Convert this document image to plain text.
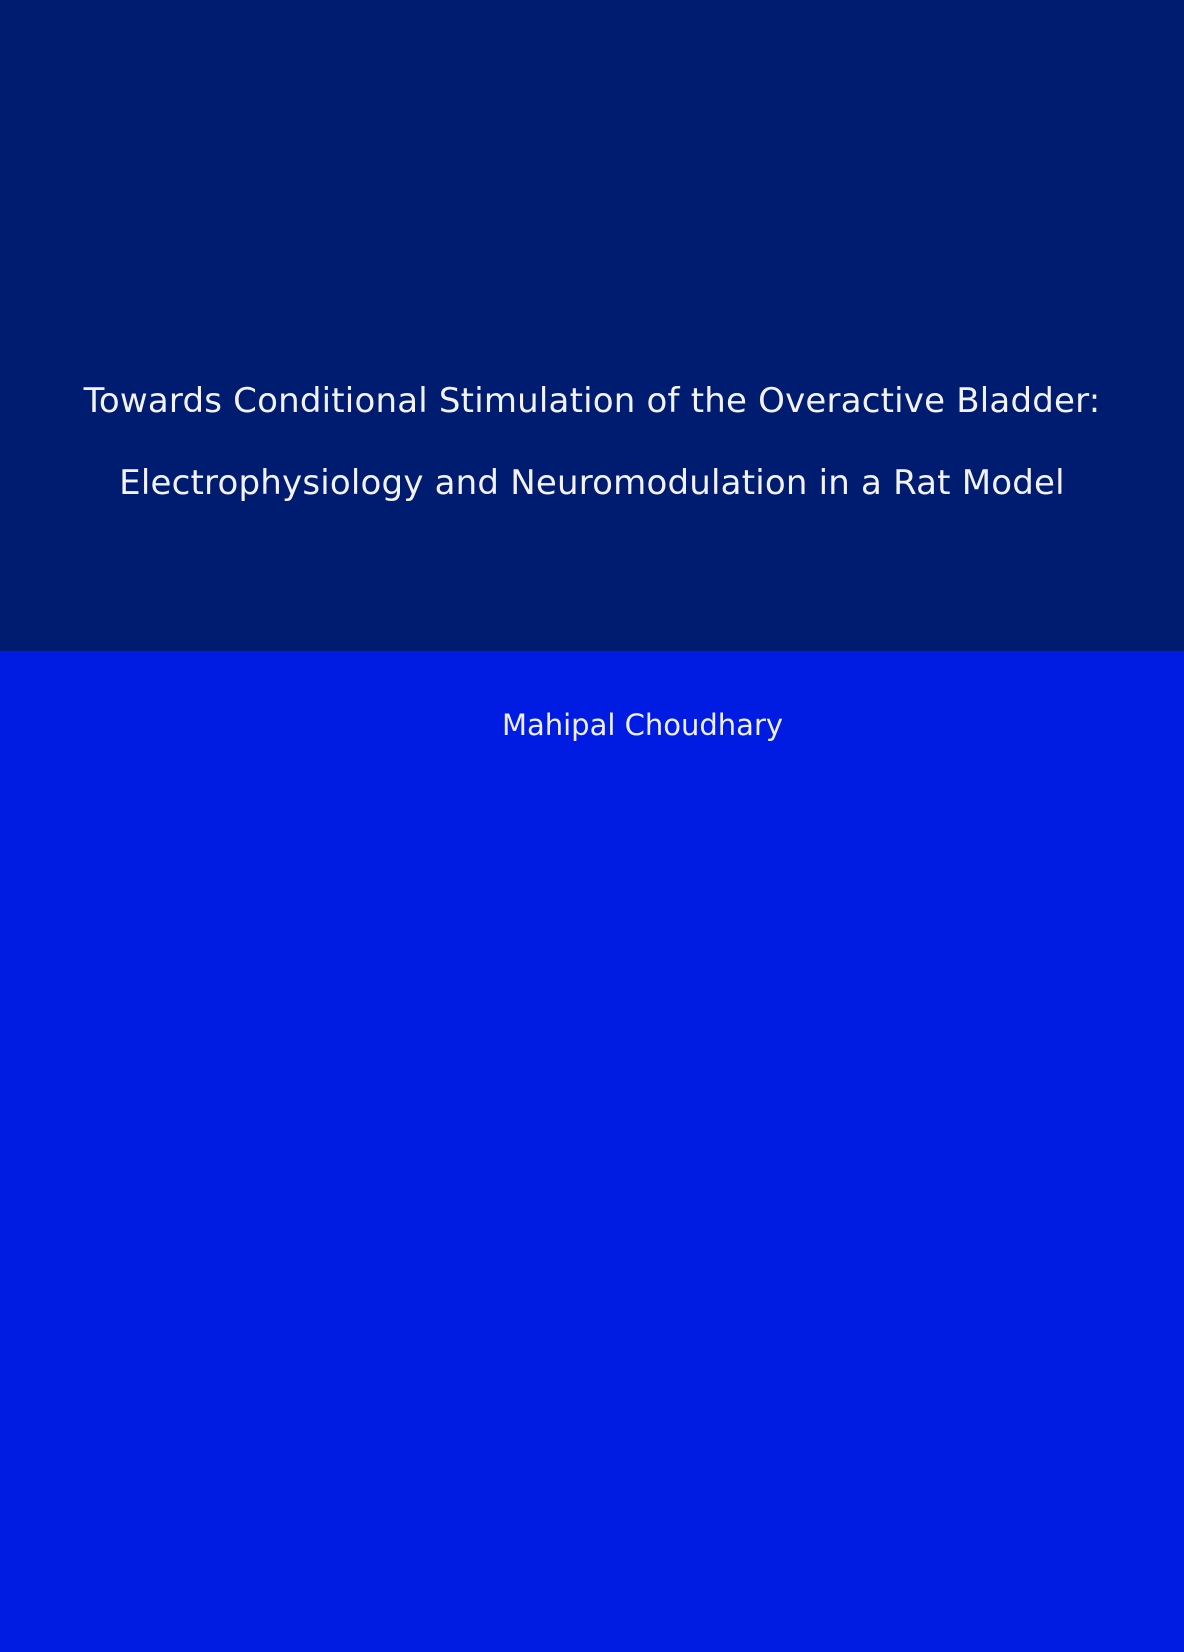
Towards Conditional Stimulation of the Overactive Bladder:
Electrophysiology and Neuromodulation in a Rat Model
Mahipal Choudhary
